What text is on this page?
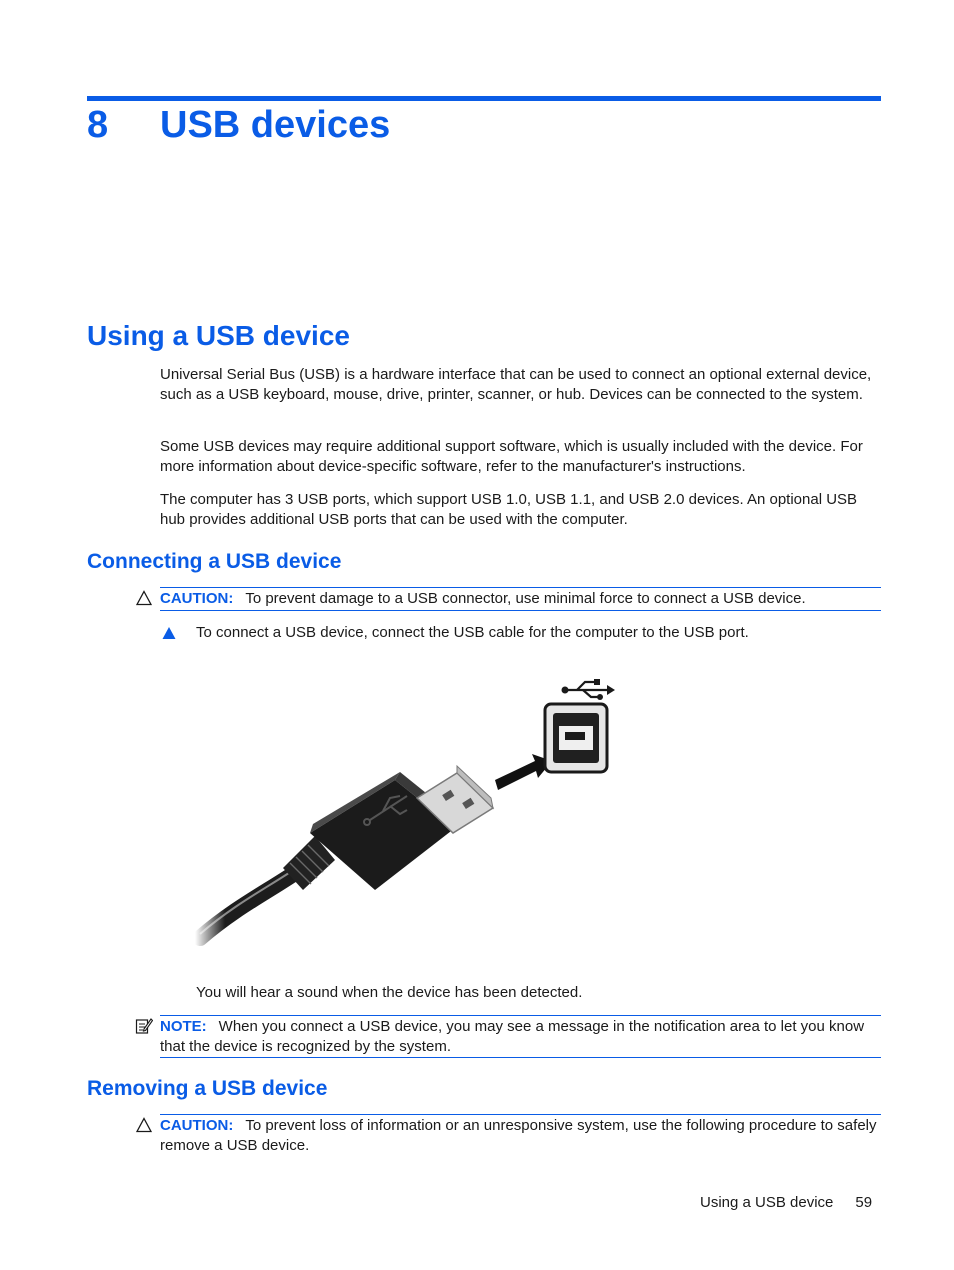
8 USB devices
Using a USB device
Universal Serial Bus (USB) is a hardware interface that can be used to connect an optional external device, such as a USB keyboard, mouse, drive, printer, scanner, or hub. Devices can be connected to the system.
Some USB devices may require additional support software, which is usually included with the device. For more information about device-specific software, refer to the manufacturer's instructions.
The computer has 3 USB ports, which support USB 1.0, USB 1.1, and USB 2.0 devices. An optional USB hub provides additional USB ports that can be used with the computer.
Connecting a USB device
CAUTION: To prevent damage to a USB connector, use minimal force to connect a USB device.
To connect a USB device, connect the USB cable for the computer to the USB port.
You will hear a sound when the device has been detected.
NOTE: When you connect a USB device, you may see a message in the notification area to let you know that the device is recognized by the system.
Removing a USB device
CAUTION: To prevent loss of information or an unresponsive system, use the following procedure to safely remove a USB device.
Using a USB device 59
